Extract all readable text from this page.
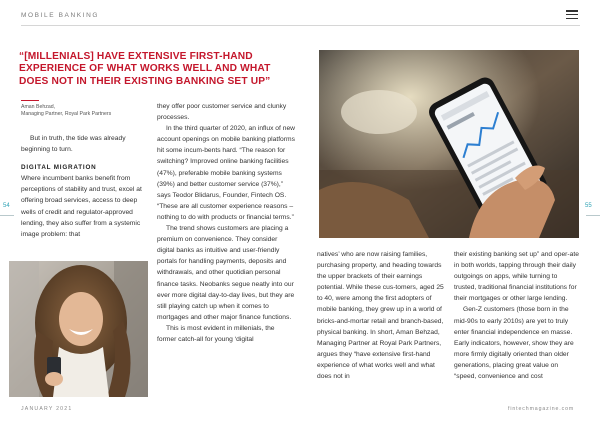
MOBILE BANKING
54	55
“[MILLENIALS] HAVE EXTENSIVE FIRST-HAND EXPERIENCE OF WHAT WORKS WELL AND WHAT DOES NOT IN THEIR EXISTING BANKING SET UP”
Aman Behzad,
Managing Partner, Royal Park Partners

But in truth, the tide was already beginning to turn.

DIGITAL MIGRATION

Where incumbent banks benefit from perceptions of stability and trust, excel at offering broad services, access to deep wells of credit and regulator-approved lending, they also suffer from a systemic image problem: that

they offer poor customer service and clunky processes.

In the third quarter of 2020, an influx of new account openings on mobile banking platforms hit some incum-bents hard. “The reason for switching? Improved online banking facilities (47%), preferable mobile banking systems (39%) and better customer service (37%),” says Teodor Blidarus, Founder, Fintech OS. “These are all customer experience reasons – nothing to do with products or financial terms.”

The trend shows customers are placing a premium on convenience. They consider digital banks as intuitive and user-friendly portals for handling payments, deposits and withdrawals, and other quotidian personal finance tasks. Neobanks segue neatly into our ever more digital day-to-day lives, but they are still playing catch up when it comes to mortgages and other major finance functions.

This is most evident in millenials, the former catch-all for young ‘digital

natives’ who are now raising families, purchasing property, and heading towards the upper brackets of their earnings potential. While these cus-tomers, aged 25 to 40, were among the first adopters of mobile banking, they grew up in a world of bricks-and-mortar retail and branch-based, physical banking. In short, Aman Behzad, Managing Partner at Royal Park Partners, argues they “have extensive first-hand experience of what works well and what does not in

their existing banking set up” and oper-ate in both worlds, tapping through their daily outgoings on apps, while turning to trusted, traditional financial institutions for their mortgages or other large lending.

Gen-Z customers (those born in the mid-90s to early 2010s) are yet to truly enter financial independence en masse. Early indicators, however, show they are more firmly digitally oriented than older generations, placing great value on “speed, convenience and cost

JANUARY 2021	fintechmagazine.com
